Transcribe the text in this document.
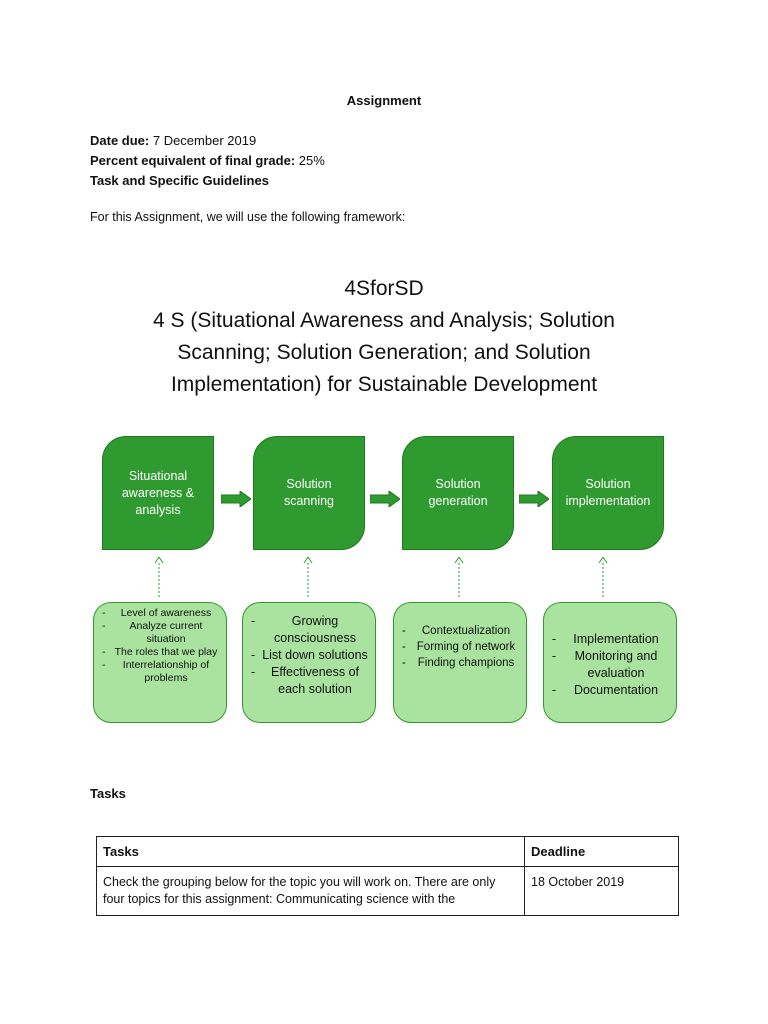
Assignment
Date due: 7 December 2019
Percent equivalent of final grade: 25%
Task and Specific Guidelines
For this Assignment, we will use the following framework:
4SforSD
4 S (Situational Awareness and Analysis; Solution
Scanning; Solution Generation; and Solution
Implementation) for Sustainable Development
Situational awareness & analysis
Solution scanning
Solution generation
Solution implementation
- Level of awareness
- Analyze current situation
- The roles that we play
- Interrelationship of problems
- Growing consciousness
- List down solutions
- Effectiveness of each solution
- Contextualization
- Forming of network
- Finding champions
- Implementation
- Monitoring and evaluation
- Documentation
Tasks
Tasks	Deadline
Check the grouping below for the topic you will work on. There are only four topics for this assignment: Communicating science with the	18 October 2019
